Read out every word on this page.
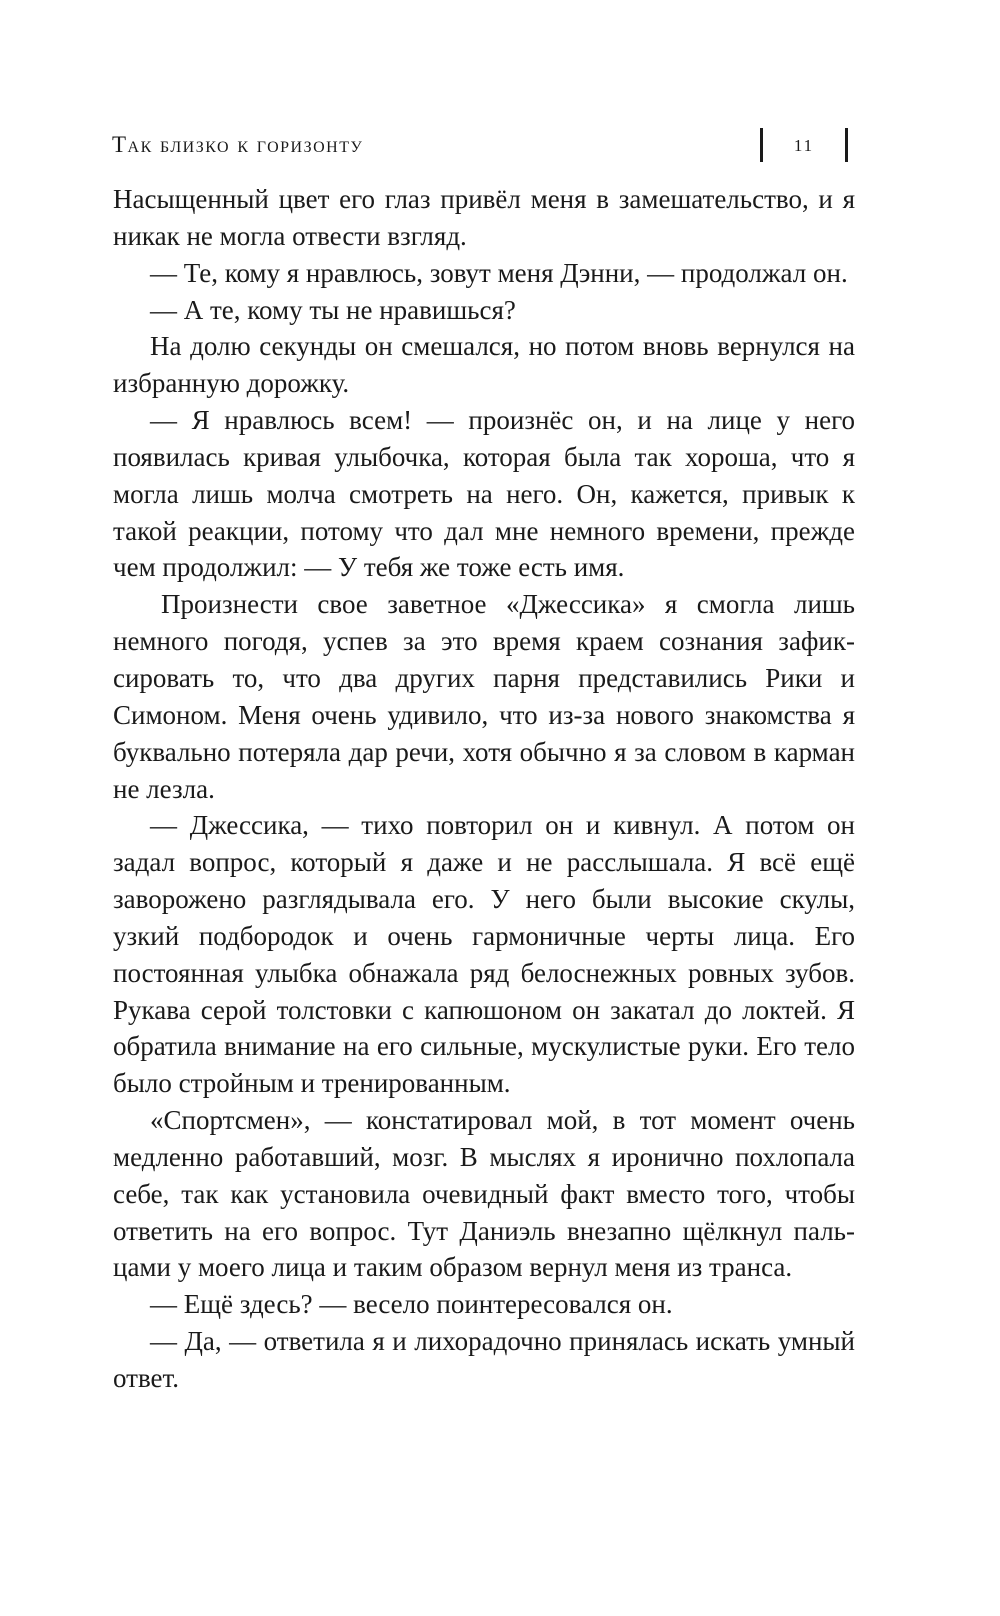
Так близко к горизонту	11

Насыщенный цвет его глаз привёл меня в замешательство, и я никак не могла отвести взгляд.

— Те, кому я нравлюсь, зовут меня Дэнни, — продолжал он.

— А те, кому ты не нравишься?

На долю секунды он смешался, но потом вновь вернулся на избранную дорожку.

— Я нравлюсь всем! — произнёс он, и на лице у него появилась кривая улыбочка, которая была так хороша, что я могла лишь молча смотреть на него. Он, кажется, привык к такой реакции, потому что дал мне немного времени, прежде чем продолжил: — У тебя же тоже есть имя.

Произнести свое заветное «Джессика» я смогла лишь немного погодя, успев за это время краем сознания зафиксировать то, что два других парня представились Рики и Симоном. Меня очень удивило, что из-за нового знакомства я буквально потеряла дар речи, хотя обычно я за словом в карман не лезла.

— Джессика, — тихо повторил он и кивнул. А потом он задал вопрос, который я даже и не расслышала. Я всё ещё заворожено разглядывала его. У него были высокие скулы, узкий подбородок и очень гармоничные черты лица. Его постоянная улыбка обнажала ряд белоснежных ровных зубов. Рукава серой толстовки с капюшоном он закатал до локтей. Я обратила внимание на его сильные, мускулистые руки. Его тело было стройным и тренированным.

«Спортсмен», — констатировал мой, в тот момент очень медленно работавший, мозг. В мыслях я иронично похлопала себе, так как установила очевидный факт вместо того, чтобы ответить на его вопрос. Тут Даниэль внезапно щёлкнул пальцами у моего лица и таким образом вернул меня из транса.

— Ещё здесь? — весело поинтересовался он.

— Да, — ответила я и лихорадочно принялась искать умный ответ.
